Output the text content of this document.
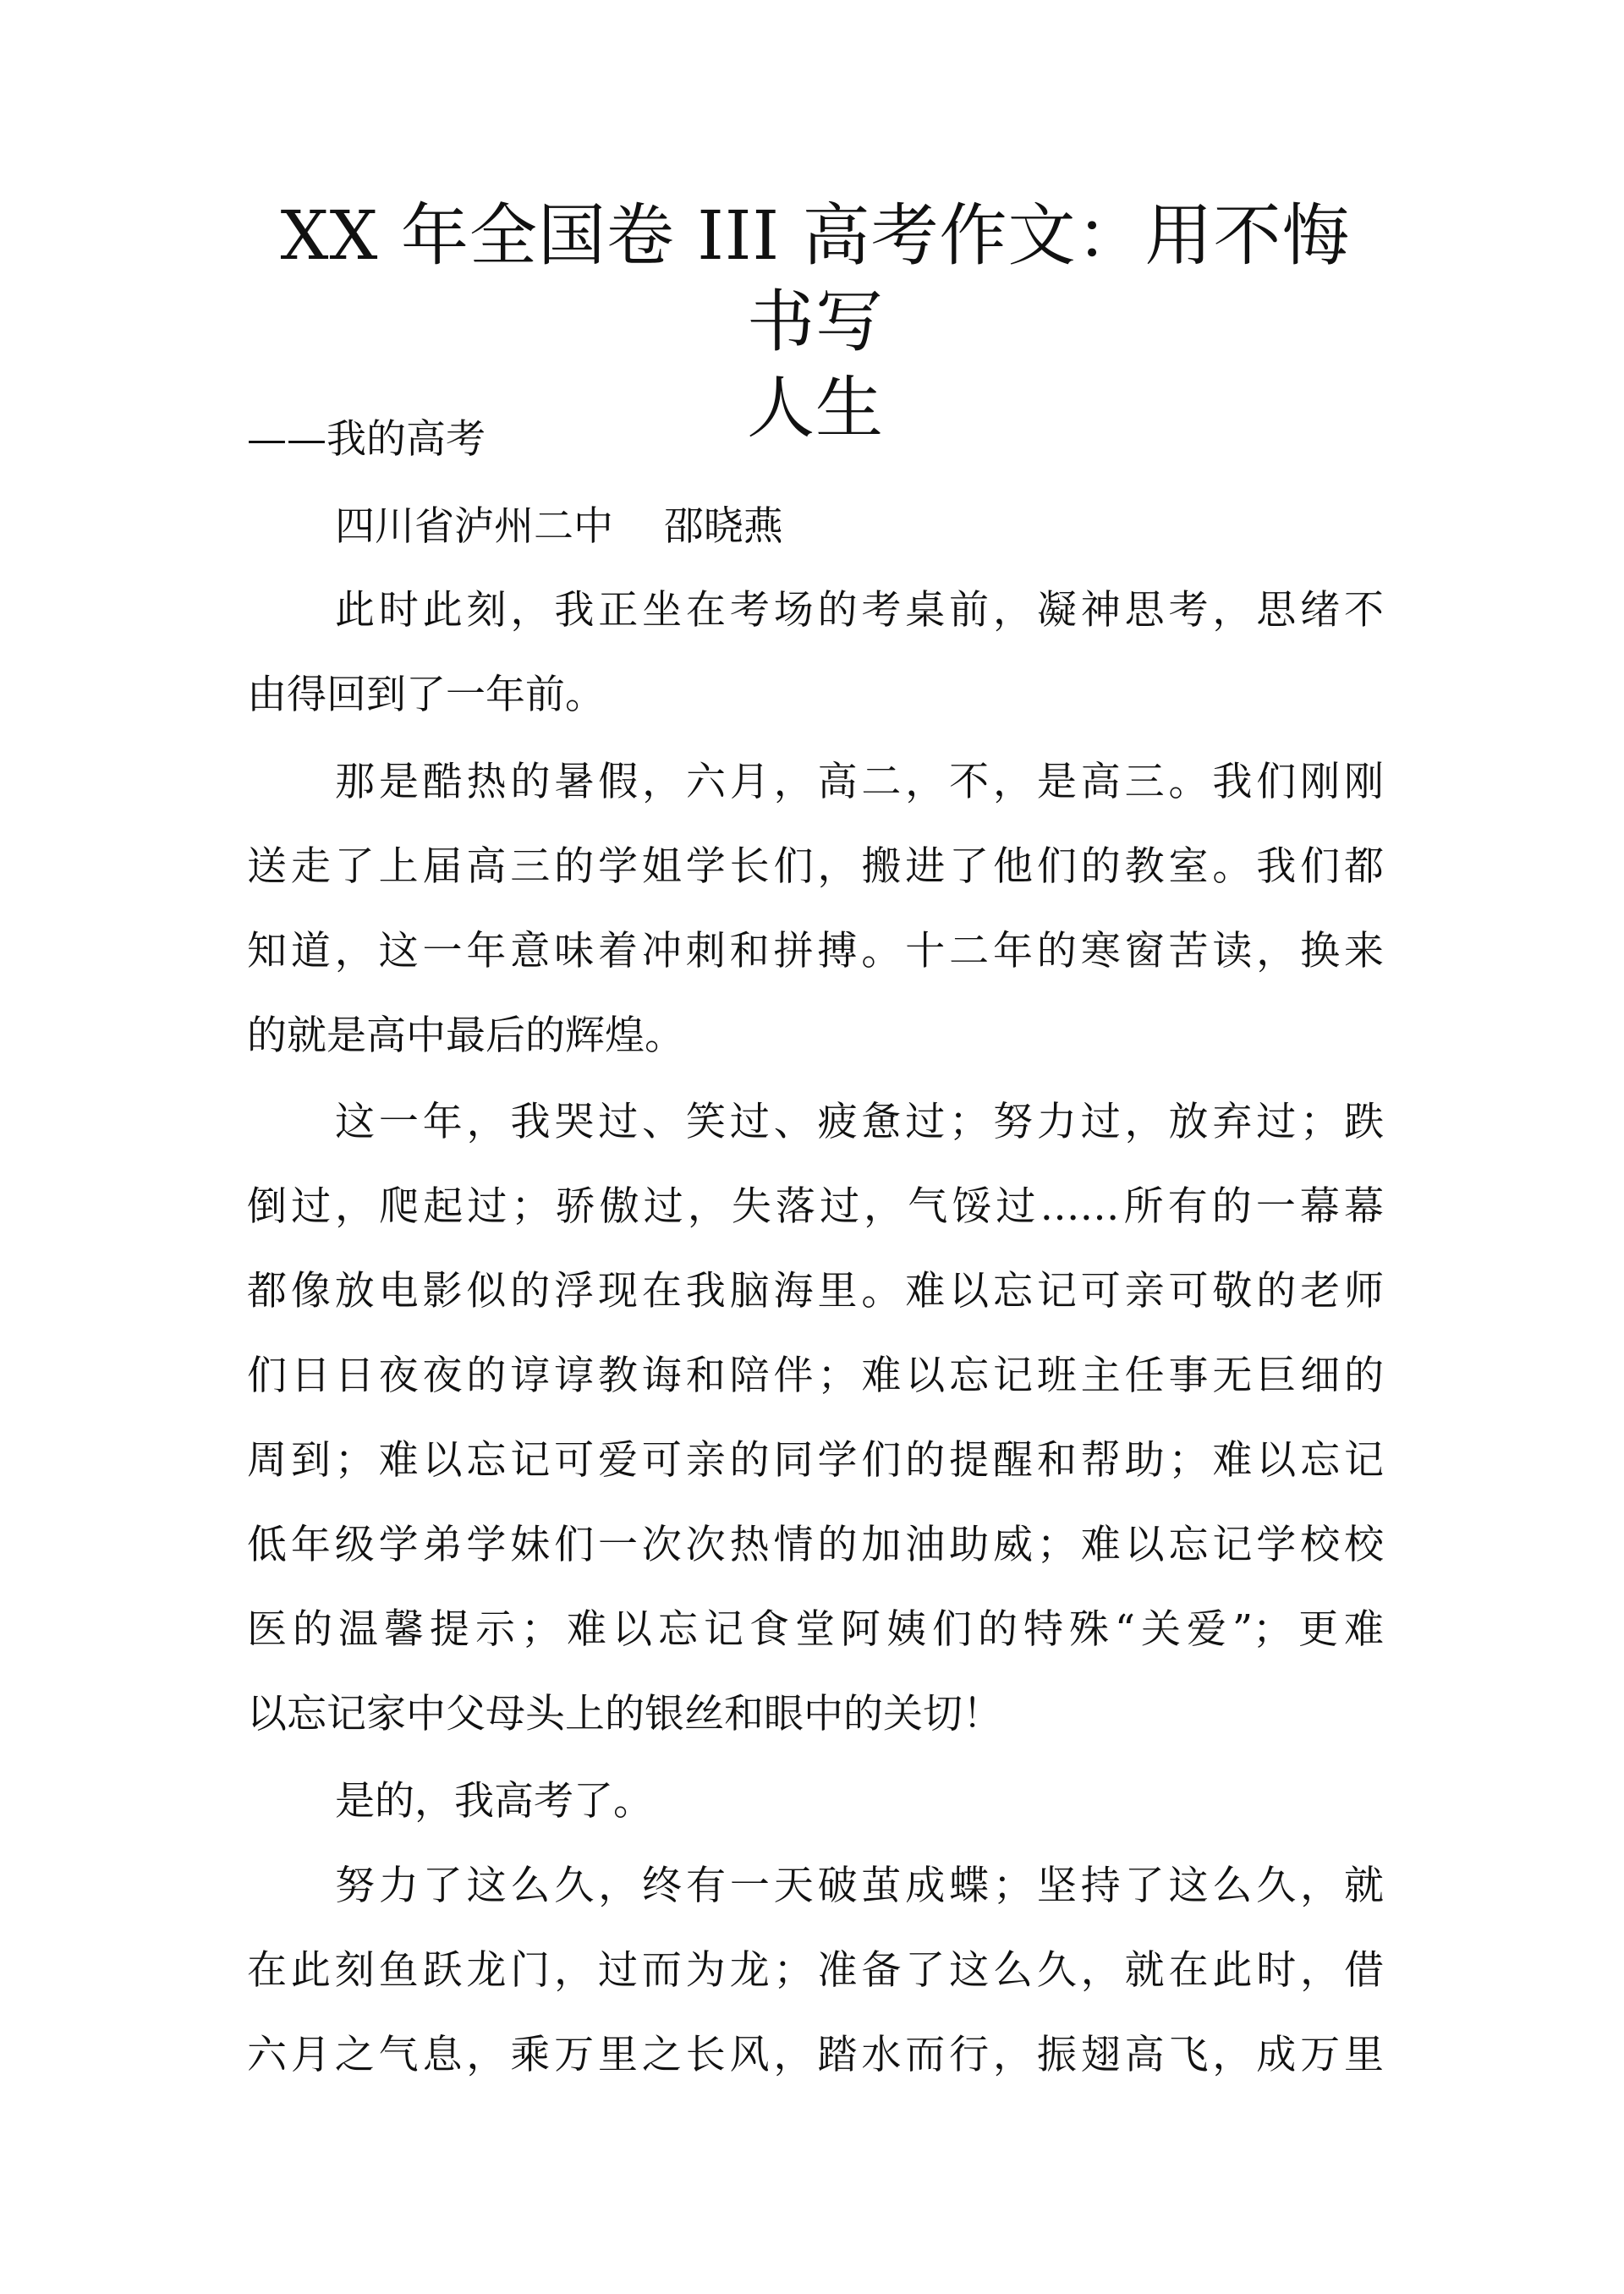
XX 年全国卷 III 高考作文：用不悔书写
人生
——我的高考
四川省泸州二中    邵晓燕
此时此刻，我正坐在考场的考桌前，凝神思考，思绪不
由得回到了一年前。
那是酷热的暑假，六月，高二，不，是高三。我们刚刚
送走了上届高三的学姐学长们，搬进了他们的教室。我们都
知道，这一年意味着冲刺和拼搏。十二年的寒窗苦读，换来
的就是高中最后的辉煌。
这一年，我哭过、笑过、疲惫过；努力过，放弃过；跌
倒过，爬起过；骄傲过，失落过，气馁过……所有的一幕幕
都像放电影似的浮现在我脑海里。难以忘记可亲可敬的老师
们日日夜夜的谆谆教诲和陪伴；难以忘记班主任事无巨细的
周到；难以忘记可爱可亲的同学们的提醒和帮助；难以忘记
低年级学弟学妹们一次次热情的加油助威；难以忘记学校校
医的温馨提示；难以忘记食堂阿姨们的特殊“关爱”；更难
以忘记家中父母头上的银丝和眼中的关切！
是的，我高考了。
努力了这么久，终有一天破茧成蝶；坚持了这么久，就
在此刻鱼跃龙门，过而为龙；准备了这么久，就在此时，借
六月之气息，乘万里之长风，踏水而行，振翅高飞，成万里
